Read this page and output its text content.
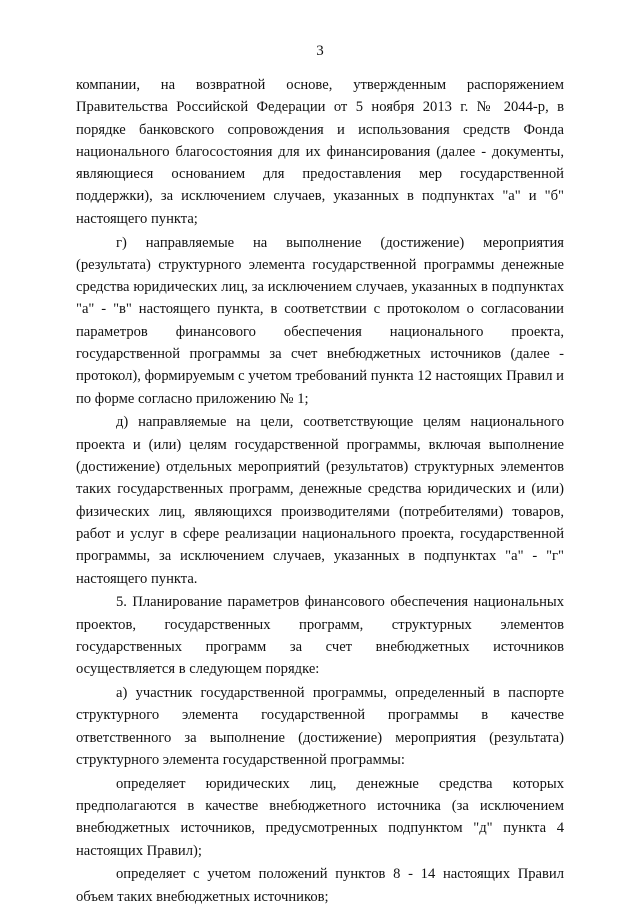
3

компании, на возвратной основе, утвержденным распоряжением Правительства Российской Федерации от 5 ноября 2013 г. № 2044-р, в порядке банковского сопровождения и использования средств Фонда национального благосостояния для их финансирования (далее - документы, являющиеся основанием для предоставления мер государственной поддержки), за исключением случаев, указанных в подпунктах "а" и "б" настоящего пункта;

г) направляемые на выполнение (достижение) мероприятия (результата) структурного элемента государственной программы денежные средства юридических лиц, за исключением случаев, указанных в подпунктах "а" - "в" настоящего пункта, в соответствии с протоколом о согласовании параметров финансового обеспечения национального проекта, государственной программы за счет внебюджетных источников (далее - протокол), формируемым с учетом требований пункта 12 настоящих Правил и по форме согласно приложению № 1;

д) направляемые на цели, соответствующие целям национального проекта и (или) целям государственной программы, включая выполнение (достижение) отдельных мероприятий (результатов) структурных элементов таких государственных программ, денежные средства юридических и (или) физических лиц, являющихся производителями (потребителями) товаров, работ и услуг в сфере реализации национального проекта, государственной программы, за исключением случаев, указанных в подпунктах "а" - "г" настоящего пункта.

5. Планирование параметров финансового обеспечения национальных проектов, государственных программ, структурных элементов государственных программ за счет внебюджетных источников осуществляется в следующем порядке:

а) участник государственной программы, определенный в паспорте структурного элемента государственной программы в качестве ответственного за выполнение (достижение) мероприятия (результата) структурного элемента государственной программы:

определяет юридических лиц, денежные средства которых предполагаются в качестве внебюджетного источника (за исключением внебюджетных источников, предусмотренных подпунктом "д" пункта 4 настоящих Правил);

определяет с учетом положений пунктов 8 - 14 настоящих Правил объем таких внебюджетных источников;
